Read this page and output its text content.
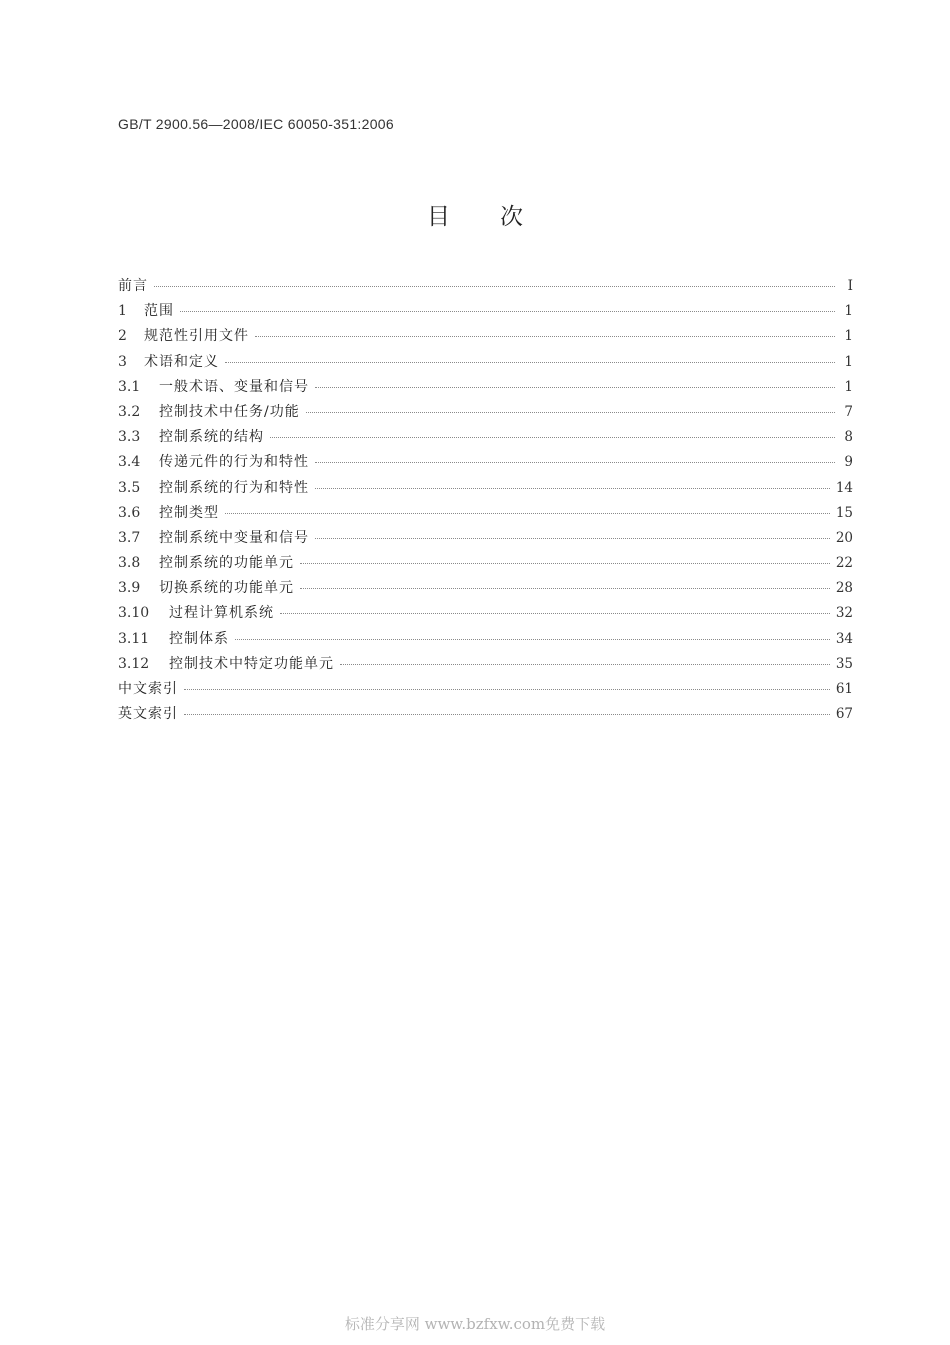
GB/T 2900.56—2008/IEC 60050-351:2006
目次
前言	Ⅰ
1	范围	1
2	规范性引用文件	1
3	术语和定义	1
3.1	一般术语、变量和信号	1
3.2	控制技术中任务/功能	7
3.3	控制系统的结构	8
3.4	传递元件的行为和特性	9
3.5	控制系统的行为和特性	14
3.6	控制类型	15
3.7	控制系统中变量和信号	20
3.8	控制系统的功能单元	22
3.9	切换系统的功能单元	28
3.10	过程计算机系统	32
3.11	控制体系	34
3.12	控制技术中特定功能单元	35
中文索引	61
英文索引	67
标准分享网 www.bzfxw.com免费下载
